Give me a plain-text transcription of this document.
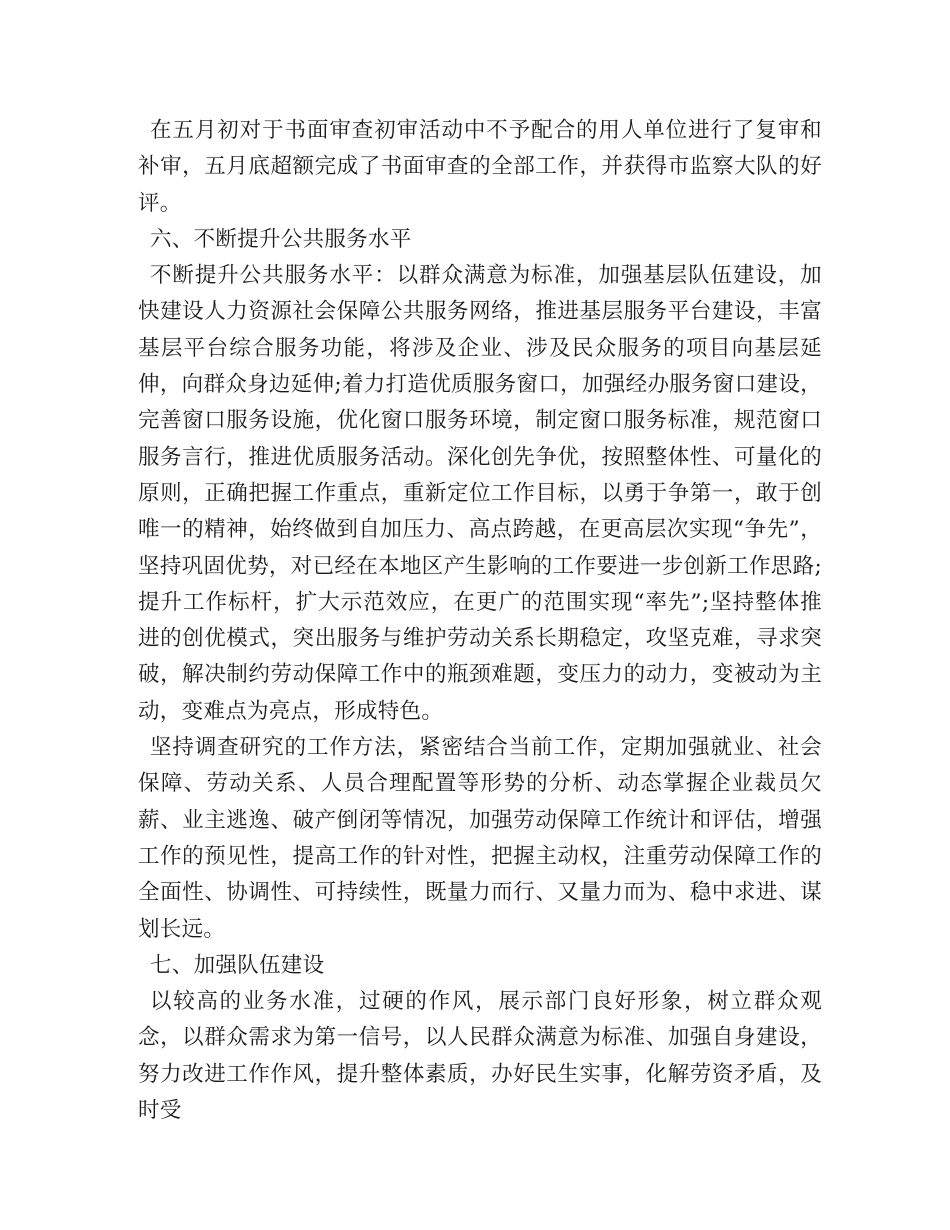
在五月初对于书面审查初审活动中不予配合的用人单位进行了复审和补审，五月底超额完成了书面审查的全部工作，并获得市监察大队的好评。

六、不断提升公共服务水平

不断提升公共服务水平：以群众满意为标准，加强基层队伍建设，加快建设人力资源社会保障公共服务网络，推进基层服务平台建设，丰富基层平台综合服务功能，将涉及企业、涉及民众服务的项目向基层延伸，向群众身边延伸;着力打造优质服务窗口，加强经办服务窗口建设，完善窗口服务设施，优化窗口服务环境，制定窗口服务标准，规范窗口服务言行，推进优质服务活动。深化创先争优，按照整体性、可量化的原则，正确把握工作重点，重新定位工作目标，以勇于争第一，敢于创唯一的精神，始终做到自加压力、高点跨越，在更高层次实现“争先”，坚持巩固优势，对已经在本地区产生影响的工作要进一步创新工作思路;提升工作标杆，扩大示范效应，在更广的范围实现“率先”;坚持整体推进的创优模式，突出服务与维护劳动关系长期稳定，攻坚克难，寻求突破，解决制约劳动保障工作中的瓶颈难题，变压力的动力，变被动为主动，变难点为亮点，形成特色。

坚持调查研究的工作方法，紧密结合当前工作，定期加强就业、社会保障、劳动关系、人员合理配置等形势的分析、动态掌握企业裁员欠薪、业主逃逸、破产倒闭等情况，加强劳动保障工作统计和评估，增强工作的预见性，提高工作的针对性，把握主动权，注重劳动保障工作的全面性、协调性、可持续性，既量力而行、又量力而为、稳中求进、谋划长远。

七、加强队伍建设

以较高的业务水准，过硬的作风，展示部门良好形象，树立群众观念，以群众需求为第一信号，以人民群众满意为标准、加强自身建设，努力改进工作作风，提升整体素质，办好民生实事，化解劳资矛盾，及时受
